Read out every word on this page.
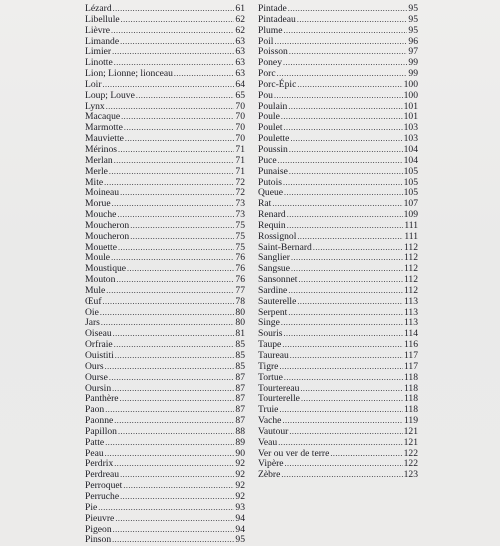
Lézard .....	61
Libellule .....	62
Lièvre .....	62
Limande .....	63
Limier .....	63
Linotte .....	63
Lion; Lionne; lionceau .....	63
Loir .....	64
Loup; Louve .....	65
Lynx .....	70
Macaque .....	70
Marmotte .....	70
Mauviette .....	70
Mérinos .....	71
Merlan .....	71
Merle .....	71
Mite .....	72
Moineau .....	72
Morue .....	73
Mouche .....	73
Moucheron .....	75
Moucheron .....	75
Mouette .....	75
Moule .....	76
Moustique .....	76
Mouton .....	76
Mule .....	77
Œuf .....	78
Oie .....	80
Jars .....	80
Oiseau .....	81
Orfraie .....	85
Ouistiti .....	85
Ours .....	85
Ourse .....	87
Oursin .....	87
Panthère .....	87
Paon .....	87
Paonne .....	87
Papillon .....	88
Patte .....	89
Peau .....	90
Perdrix .....	92
Perdreau .....	92
Perroquet .....	92
Perruche .....	92
Pie .....	93
Pieuvre .....	94
Pigeon .....	94
Pinson .....	95
Pintade .....	95
Pintadeau .....	95
Plume .....	95
Poil .....	96
Poisson .....	97
Poney .....	99
Porc .....	99
Porc-Épic .....	100
Pou .....	100
Poulain .....	101
Poule .....	101
Poulet .....	103
Poulette .....	103
Poussin .....	104
Puce .....	104
Punaise .....	105
Putois .....	105
Queue .....	105
Rat .....	107
Renard .....	109
Requin .....	111
Rossignol .....	111
Saint-Bernard .....	112
Sanglier .....	112
Sangsue .....	112
Sansonnet .....	112
Sardine .....	112
Sauterelle .....	113
Serpent .....	113
Singe .....	113
Souris .....	114
Taupe .....	116
Taureau .....	117
Tigre .....	117
Tortue .....	118
Tourtereau .....	118
Tourterelle .....	118
Truie .....	118
Vache .....	119
Vautour .....	121
Veau .....	121
Ver ou ver de terre .....	122
Vipère .....	122
Zèbre .....	123
